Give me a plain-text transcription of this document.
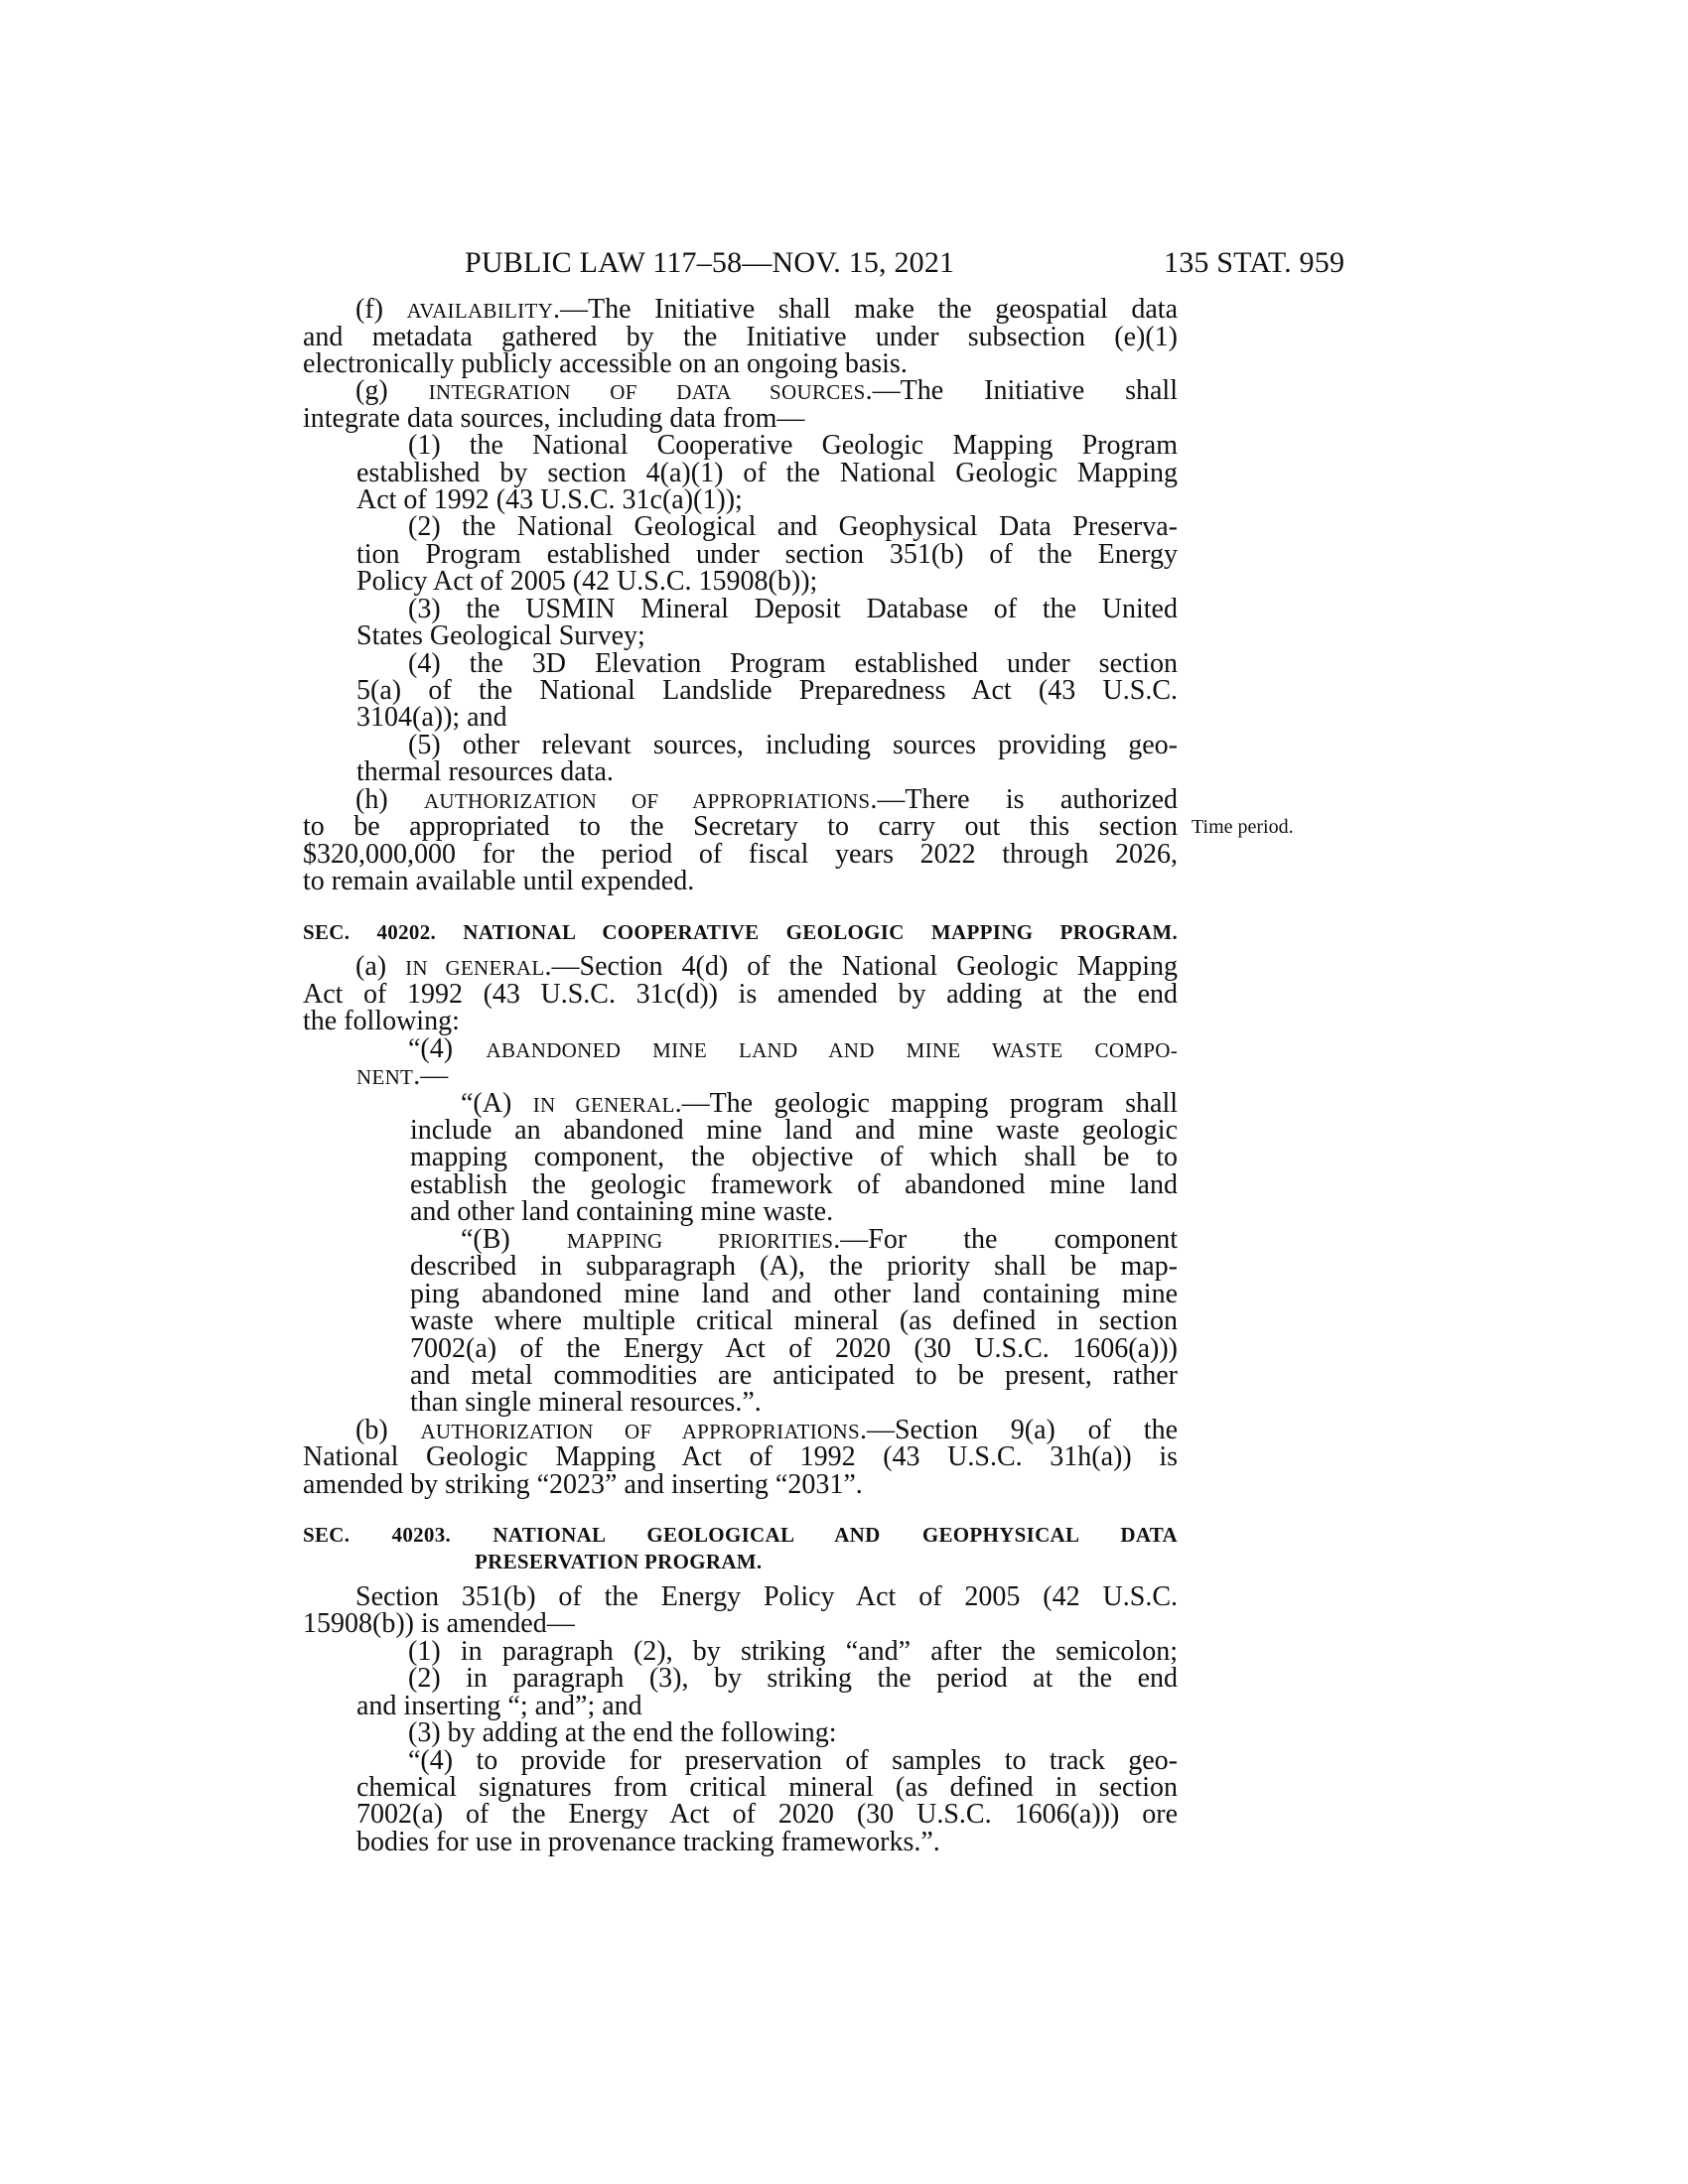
PUBLIC LAW 117–58—NOV. 15, 2021	135 STAT. 959
Time period.
(f) AVAILABILITY.—The Initiative shall make the geospatial data
and metadata gathered by the Initiative under subsection (e)(1)
electronically publicly accessible on an ongoing basis.
(g) INTEGRATION OF DATA SOURCES.—The Initiative shall
integrate data sources, including data from—
(1) the National Cooperative Geologic Mapping Program
established by section 4(a)(1) of the National Geologic Mapping
Act of 1992 (43 U.S.C. 31c(a)(1));
(2) the National Geological and Geophysical Data Preserva-
tion Program established under section 351(b) of the Energy
Policy Act of 2005 (42 U.S.C. 15908(b));
(3) the USMIN Mineral Deposit Database of the United
States Geological Survey;
(4) the 3D Elevation Program established under section
5(a) of the National Landslide Preparedness Act (43 U.S.C.
3104(a)); and
(5) other relevant sources, including sources providing geo-
thermal resources data.
(h) AUTHORIZATION OF APPROPRIATIONS.—There is authorized
to be appropriated to the Secretary to carry out this section
$320,000,000 for the period of fiscal years 2022 through 2026,
to remain available until expended.
SEC. 40202. NATIONAL COOPERATIVE GEOLOGIC MAPPING PROGRAM.
(a) IN GENERAL.—Section 4(d) of the National Geologic Mapping
Act of 1992 (43 U.S.C. 31c(d)) is amended by adding at the end
the following:
“(4) ABANDONED MINE LAND AND MINE WASTE COMPO-
NENT.—
“(A) IN GENERAL.—The geologic mapping program shall
include an abandoned mine land and mine waste geologic
mapping component, the objective of which shall be to
establish the geologic framework of abandoned mine land
and other land containing mine waste.
“(B) MAPPING PRIORITIES.—For the component
described in subparagraph (A), the priority shall be map-
ping abandoned mine land and other land containing mine
waste where multiple critical mineral (as defined in section
7002(a) of the Energy Act of 2020 (30 U.S.C. 1606(a)))
and metal commodities are anticipated to be present, rather
than single mineral resources.”.
(b) AUTHORIZATION OF APPROPRIATIONS.—Section 9(a) of the
National Geologic Mapping Act of 1992 (43 U.S.C. 31h(a)) is
amended by striking “2023” and inserting “2031”.
SEC. 40203. NATIONAL GEOLOGICAL AND GEOPHYSICAL DATA
PRESERVATION PROGRAM.
Section 351(b) of the Energy Policy Act of 2005 (42 U.S.C.
15908(b)) is amended—
(1) in paragraph (2), by striking “and” after the semicolon;
(2) in paragraph (3), by striking the period at the end
and inserting “; and”; and
(3) by adding at the end the following:
“(4) to provide for preservation of samples to track geo-
chemical signatures from critical mineral (as defined in section
7002(a) of the Energy Act of 2020 (30 U.S.C. 1606(a))) ore
bodies for use in provenance tracking frameworks.”.
